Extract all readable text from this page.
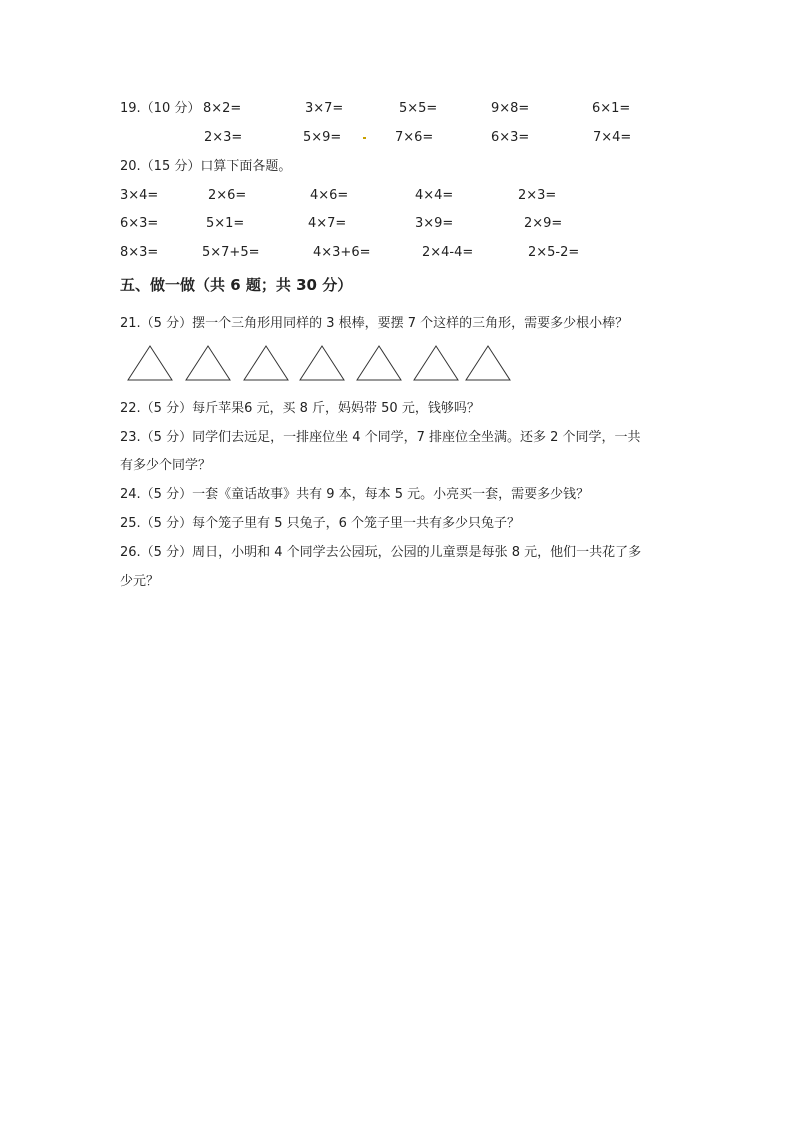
19.（10 分） 8×2=	3×7=	5×5=	9×8=	6×1=
2×3=	5×9=	7×6=	6×3=	7×4=
20.（15 分）口算下面各题。
3×4=	2×6=	4×6=	4×4=	2×3=
6×3=	5×1=	4×7=	3×9=	2×9=
8×3=	5×7+5=	4×3+6=	2×4-4=	2×5-2=
五、做一做（共 6 题；共 30 分）
21.（5 分）摆一个三角形用同样的 3 根棒，要摆 7 个这样的三角形，需要多少根小棒？
22.（5 分）每斤苹果6 元，买 8 斤，妈妈带 50 元，钱够吗？
23.（5 分）同学们去远足，一排座位坐 4 个同学，7 排座位全坐满。还多 2 个同学，一共
有多少个同学？
24.（5 分）一套《童话故事》共有 9 本，每本 5 元。小亮买一套，需要多少钱？
25.（5 分）每个笼子里有 5 只兔子，6 个笼子里一共有多少只兔子？
26.（5 分）周日，小明和 4 个同学去公园玩，公园的儿童票是每张 8 元，他们一共花了多
少元？
